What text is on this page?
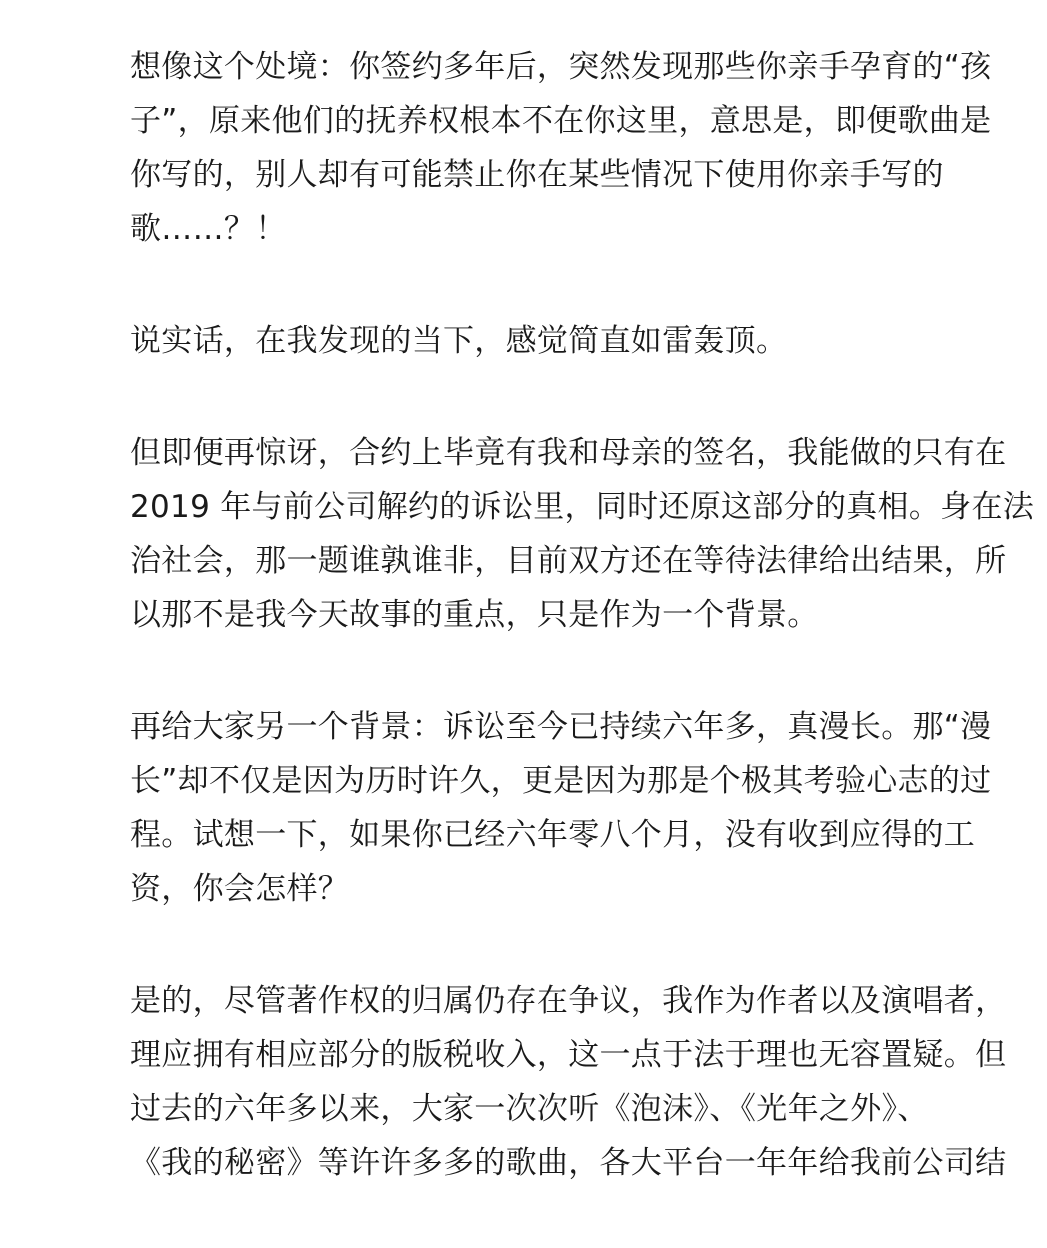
想像这个处境：你签约多年后，突然发现那些你亲手孕育的“孩
子”，原来他们的抚养权根本不在你这里，意思是，即便歌曲是
你写的，别人却有可能禁止你在某些情况下使用你亲手写的
歌……？！

说实话，在我发现的当下，感觉简直如雷轰顶。

但即便再惊讶，合约上毕竟有我和母亲的签名，我能做的只有在
2019 年与前公司解约的诉讼里，同时还原这部分的真相。身在法
治社会，那一题谁孰谁非，目前双方还在等待法律给出结果，所
以那不是我今天故事的重点，只是作为一个背景。

再给大家另一个背景：诉讼至今已持续六年多，真漫长。那“漫
长”却不仅是因为历时许久，更是因为那是个极其考验心志的过
程。试想一下，如果你已经六年零八个月，没有收到应得的工
资，你会怎样？

是的，尽管著作权的归属仍存在争议，我作为作者以及演唱者，
理应拥有相应部分的版税收入，这一点于法于理也无容置疑。但
过去的六年多以来，大家一次次听《泡沫》、《光年之外》、
《我的秘密》等许许多多的歌曲，各大平台一年年给我前公司结
